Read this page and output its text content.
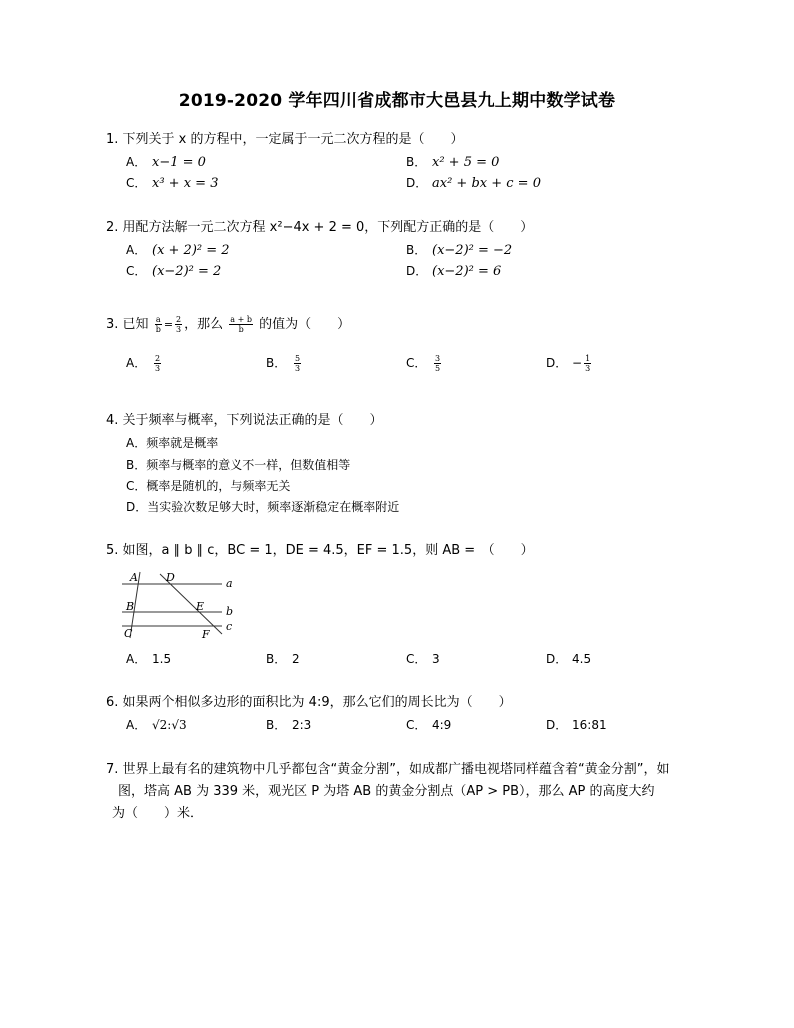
2019-2020 学年四川省成都市大邑县九上期中数学试卷
1. 下列关于 x 的方程中，一定属于一元二次方程的是（　　）
A． x−1 = 0	B． x² + 5 = 0
C． x³ + x = 3	D． ax² + bx + c = 0
2. 用配方法解一元二次方程 x²−4x + 2 = 0，下列配方正确的是（　　）
A． (x + 2)² = 2	B． (x−2)² = −2
C． (x−2)² = 2	D． (x−2)² = 6
3. 已知 $\frac{a}{b} = \frac{2}{3}$ ，那么 $\frac{a + b}{b}$ 的值为（　　）
A． $\frac{2}{3}$	B． $\frac{5}{3}$	C． $\frac{3}{5}$	D． − $\frac{1}{3}$
4. 关于频率与概率，下列说法正确的是（　　）
A．频率就是概率
B．频率与概率的意义不一样，但数值相等
C．概率是随机的，与频率无关
D．当实验次数足够大时，频率逐渐稳定在概率附近
5. 如图，a ∥ b ∥ c，BC = 1，DE = 4.5，EF = 1.5，则 AB =　（　　）
A	D	a
B	E b
C	F
c
A． 1.5	B． 2	C． 3	D． 4.5
6. 如果两个相似多边形的面积比为 4:9，那么它们的周长比为（　　）
A． √2:√3	B． 2:3	C． 4:9	D． 16:81
7. 世界上最有名的建筑物中几乎都包含“黄金分割”，如成都广播电视塔同样蕴含着“黄金分割”，如
图，塔高 AB 为 339 米，观光区 P 为塔 AB 的黄金分割点（AP > PB），那么 AP 的高度大约
为（　　）米．
